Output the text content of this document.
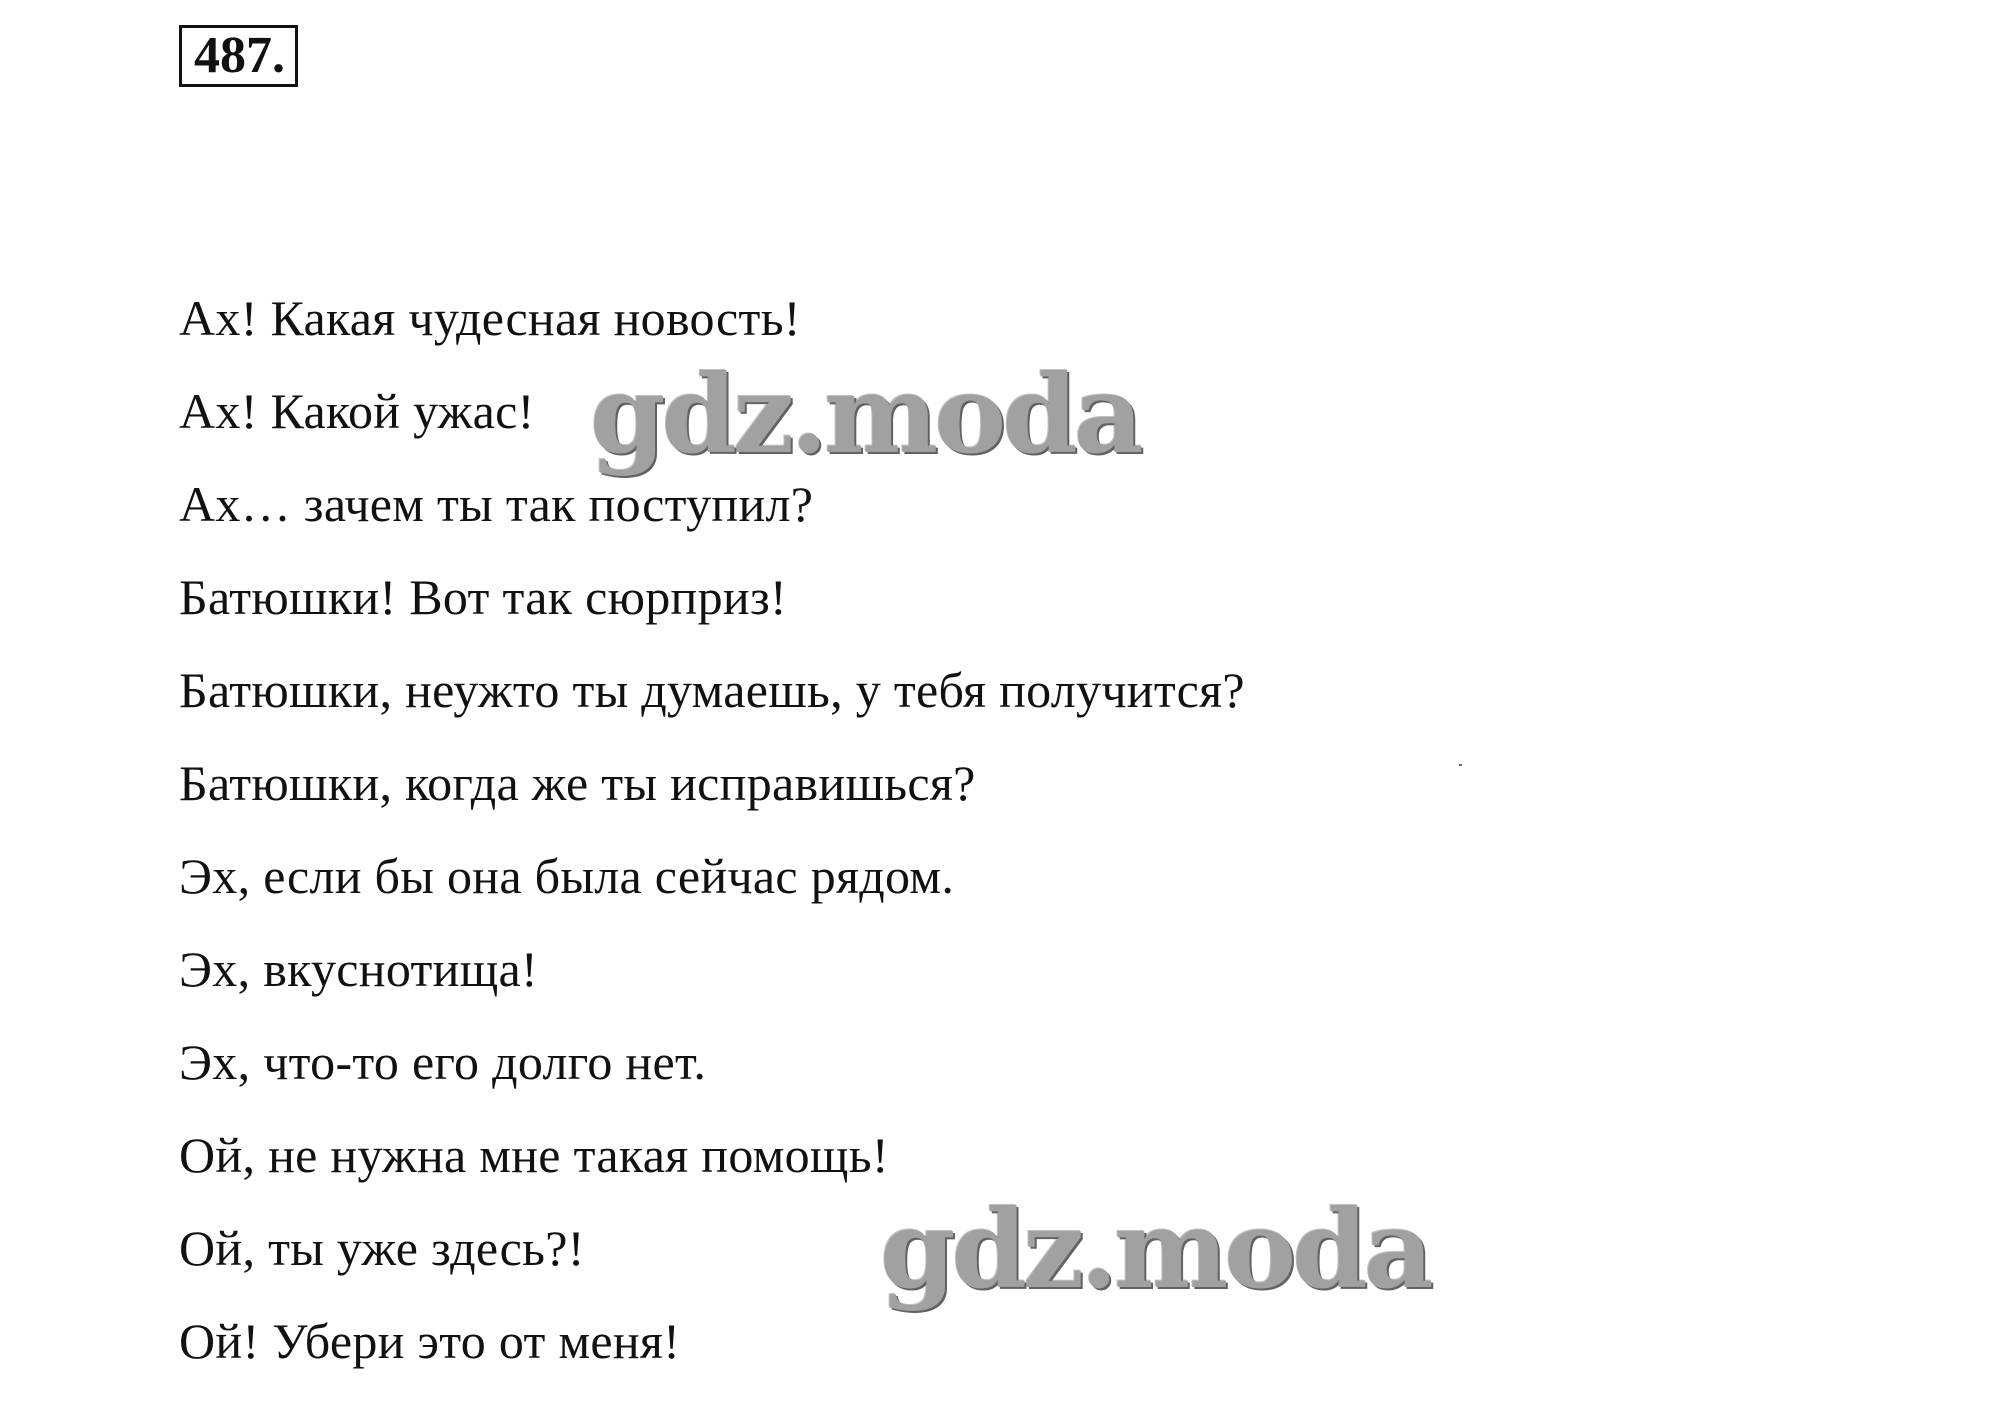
487.
Ах! Какая чудесная новость!
Ах! Какой ужас!
Ах… зачем ты так поступил?
Батюшки! Вот так сюрприз!
Батюшки, неужто ты думаешь, у тебя получится?
Батюшки, когда же ты исправишься?
Эх, если бы она была сейчас рядом.
Эх, вкуснотища!
Эх, что-то его долго нет.
Ой, не нужна мне такая помощь!
Ой, ты уже здесь?!
Ой! Убери это от меня!
gdz.moda
gdz.moda
